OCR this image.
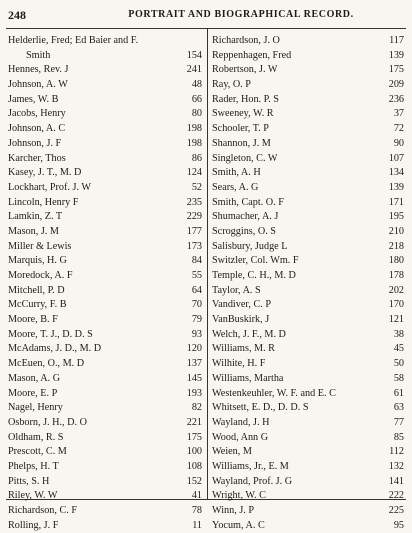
248	PORTRAIT AND BIOGRAPHICAL RECORD.
Helderlie, Fred; Ed Baier and F.
Smith	154
Hennes, Rev. J	241
Johnson, A. W	48
James, W. B	66
Jacobs, Henry	80
Johnson, A. C	198
Johnson, J. F	198
Karcher, Thos	86
Kasey, J. T., M. D	124
Lockhart, Prof. J. W	52
Lincoln, Henry F	235
Lamkin, Z. T	229
Mason, J. M	177
Miller & Lewis	173
Marquis, H. G	84
Moredock, A. F	55
Mitchell, P. D	64
McCurry, F. B	70
Moore, B. F	79
Moore, T. J., D. D. S	93
McAdams, J. D., M. D	120
McEuen, O., M. D	137
Mason, A. G	145
Moore, E. P	193
Nagel, Henry	82
Osborn, J. H., D. O	221
Oldham, R. S	175
Prescott, C. M	100
Phelps, H. T	108
Pitts, S. H	152
Riley, W. W	41
Richardson, C. F	78
Rolling, J. F	11
Richardson, J. O	117
Reppenhagen, Fred	139
Robertson, J. W	175
Ray, O. P	209
Rader, Hon. P. S	236
Sweeney, W. R	37
Schooler, T. P	72
Shannon, J. M	90
Singleton, C. W	107
Smith, A. H	134
Sears, A. G	139
Smith, Capt. O. F	171
Shumacher, A. J	195
Scroggins, O. S	210
Salisbury, Judge L	218
Switzler, Col. Wm. F	180
Temple, C. H., M. D	178
Taylor, A. S	202
Vandiver, C. P	170
VanBuskirk, J	121
Welch, J. F., M. D	38
Williams, M. R	45
Wilhite, H. F	50
Williams, Martha	58
Westenkeuhler, W. F. and E. C	61
Whitsett, E. D., D. D. S	63
Wayland, J. H	77
Wood, Ann G	85
Weien, M	112
Williams, Jr., E. M	132
Wayland, Prof. J. G	141
Wright, W. C	222
Winn, J. P	225
Yocum, A. C	95
